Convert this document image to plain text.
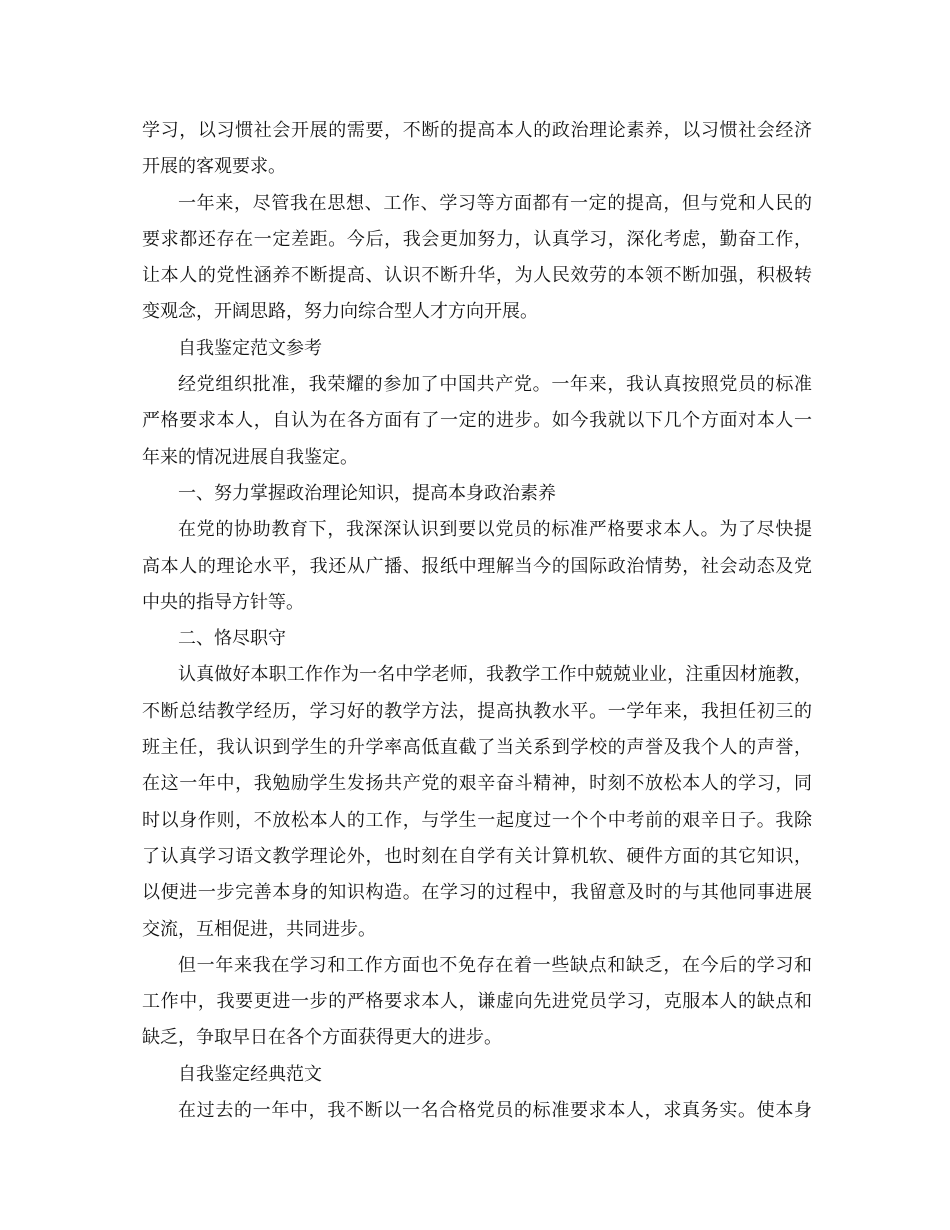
学习，以习惯社会开展的需要，不断的提高本人的政治理论素养，以习惯社会经济
开展的客观要求。
一年来，尽管我在思想、工作、学习等方面都有一定的提高，但与党和人民的
要求都还存在一定差距。今后，我会更加努力，认真学习，深化考虑，勤奋工作，
让本人的党性涵养不断提高、认识不断升华，为人民效劳的本领不断加强，积极转
变观念，开阔思路，努力向综合型人才方向开展。
自我鉴定范文参考
经党组织批准，我荣耀的参加了中国共产党。一年来，我认真按照党员的标准
严格要求本人，自认为在各方面有了一定的进步。如今我就以下几个方面对本人一
年来的情况进展自我鉴定。
一、努力掌握政治理论知识，提高本身政治素养
在党的协助教育下，我深深认识到要以党员的标准严格要求本人。为了尽快提
高本人的理论水平，我还从广播、报纸中理解当今的国际政治情势，社会动态及党
中央的指导方针等。
二、恪尽职守
认真做好本职工作作为一名中学老师，我教学工作中兢兢业业，注重因材施教，
不断总结教学经历，学习好的教学方法，提高执教水平。一学年来，我担任初三的
班主任，我认识到学生的升学率高低直截了当关系到学校的声誉及我个人的声誉，
在这一年中，我勉励学生发扬共产党的艰辛奋斗精神，时刻不放松本人的学习，同
时以身作则，不放松本人的工作，与学生一起度过一个个中考前的艰辛日子。我除
了认真学习语文教学理论外，也时刻在自学有关计算机软、硬件方面的其它知识，
以便进一步完善本身的知识构造。在学习的过程中，我留意及时的与其他同事进展
交流，互相促进，共同进步。
但一年来我在学习和工作方面也不免存在着一些缺点和缺乏，在今后的学习和
工作中，我要更进一步的严格要求本人，谦虚向先进党员学习，克服本人的缺点和
缺乏，争取早日在各个方面获得更大的进步。
自我鉴定经典范文
在过去的一年中，我不断以一名合格党员的标准要求本人，求真务实。使本身
